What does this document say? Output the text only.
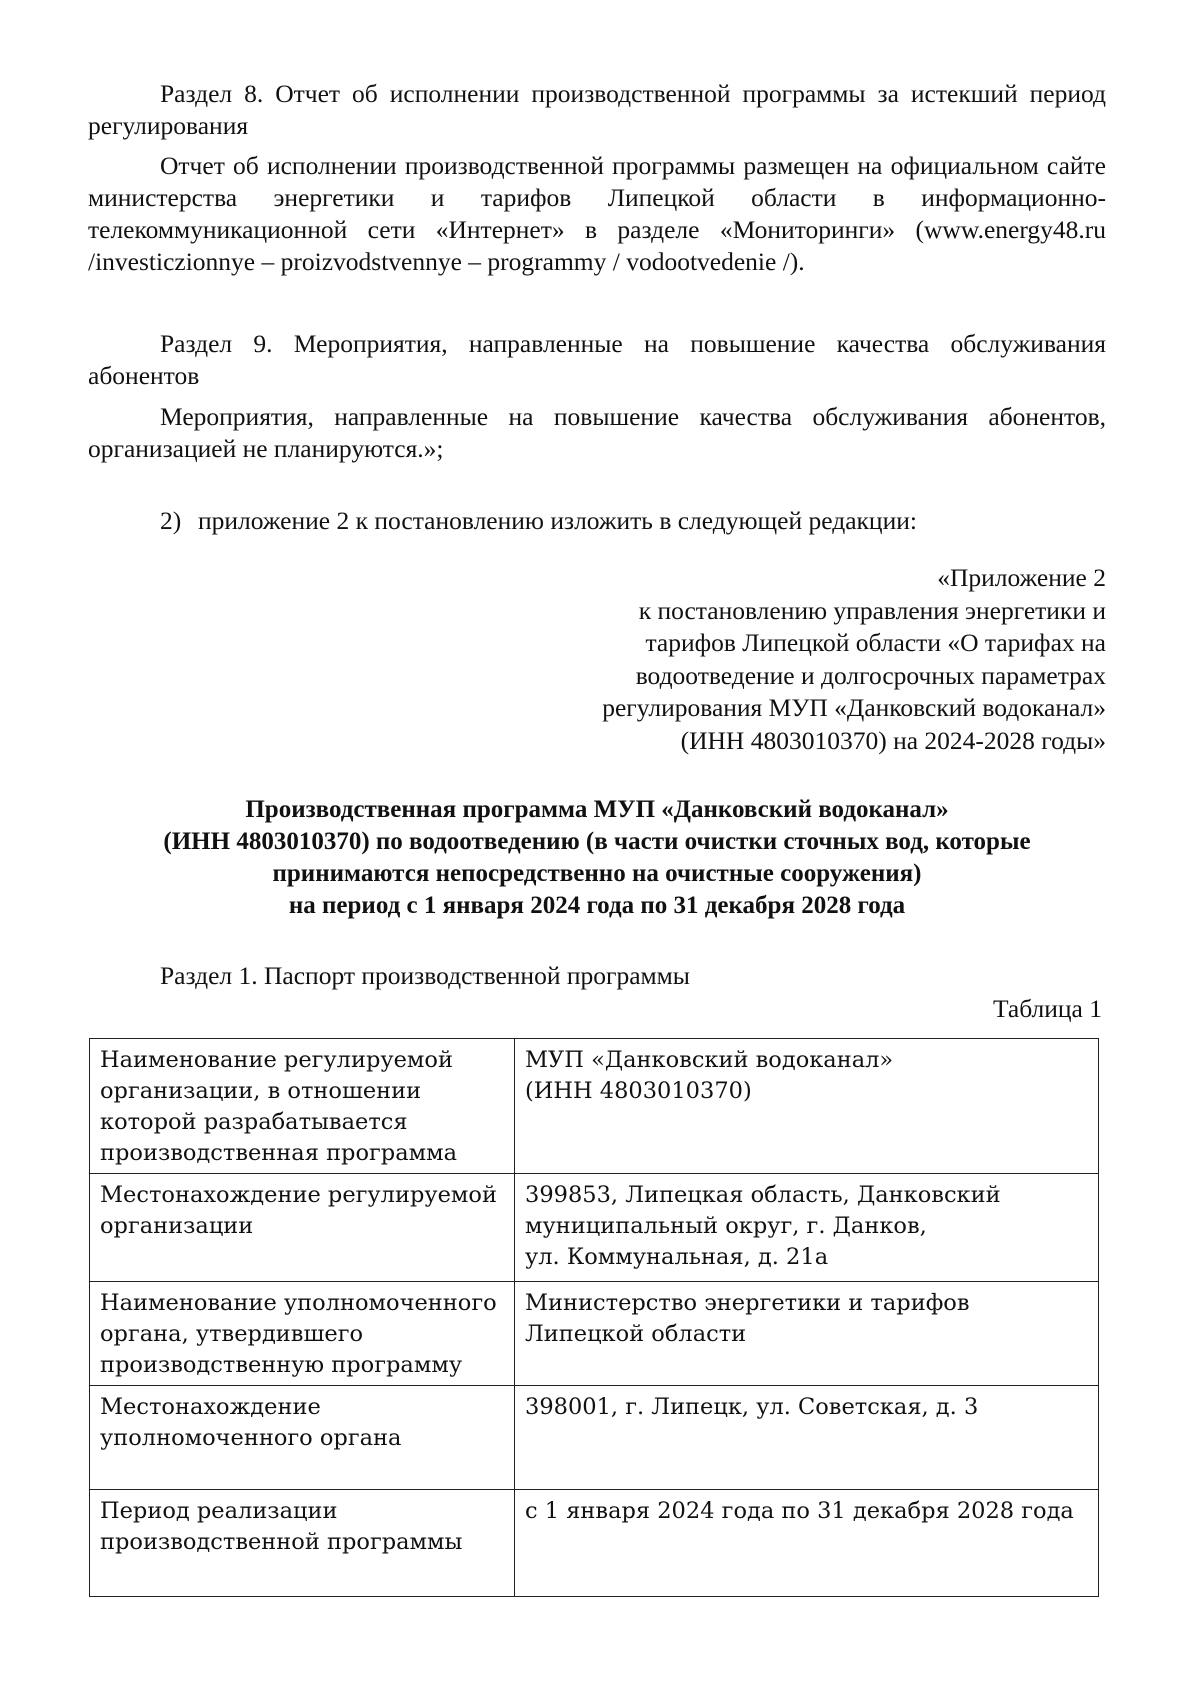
Раздел 8. Отчет об исполнении производственной программы за истекший период регулирования

Отчет об исполнении производственной программы размещен на официальном сайте министерства энергетики и тарифов Липецкой области в информационно-телекоммуникационной сети «Интернет» в разделе «Мониторинги» (www.energy48.ru /investiczionnye – proizvodstvennye – programmy / vodootvedenie /).

Раздел 9. Мероприятия, направленные на повышение качества обслуживания абонентов

Мероприятия, направленные на повышение качества обслуживания абонентов, организацией не планируются.»;

2) приложение 2 к постановлению изложить в следующей редакции:

«Приложение 2
к постановлению управления энергетики и
тарифов Липецкой области «О тарифах на
водоотведение и долгосрочных параметрах
регулирования МУП «Данковский водоканал»
(ИНН 4803010370) на 2024-2028 годы»
Производственная программа МУП «Данковский водоканал»
(ИНН 4803010370) по водоотведению (в части очистки сточных вод, которые
принимаются непосредственно на очистные сооружения)
на период с 1 января 2024 года по 31 декабря 2028 года
Раздел 1. Паспорт производственной программы
Таблица 1
Наименование регулируемой
организации, в отношении
которой разрабатывается
производственная программа	МУП «Данковский водоканал»
(ИНН 4803010370)

Местонахождение регулируемой
организации	399853, Липецкая область, Данковский
муниципальный округ, г. Данков,
ул. Коммунальная, д. 21а

Наименование уполномоченного
органа, утвердившего
производственную программу	Министерство энергетики и тарифов
Липецкой области

Местонахождение
уполномоченного органа	398001, г. Липецк, ул. Советская, д. 3

Период реализации
производственной программы	с 1 января 2024 года по 31 декабря 2028 года
